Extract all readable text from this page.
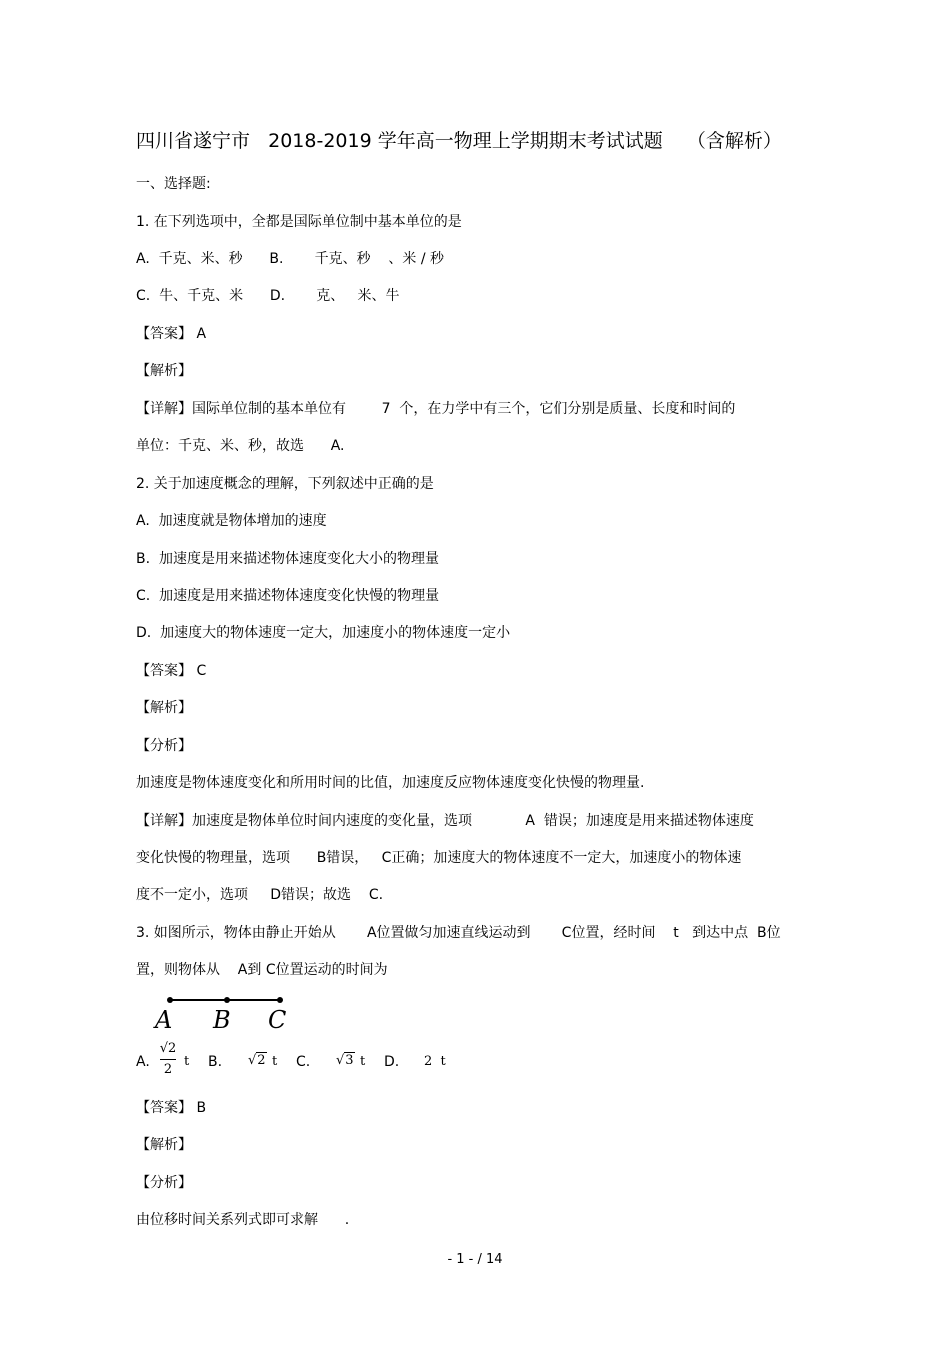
四川省遂宁市   2018-2019 学年高一物理上学期期末考试试题    （含解析）
一、选择题:
1. 在下列选项中，全都是国际单位制中基本单位的是
A.  千克、米、秒      B.       千克、秒    、米 / 秒
C.  牛、千克、米      D.       克、   米、牛
【答案】 A
【解析】
【详解】国际单位制的基本单位有        7  个，在力学中有三个，它们分别是质量、长度和时间的
单位：千克、米、秒，故选      A.
2. 关于加速度概念的理解，下列叙述中正确的是
A.  加速度就是物体增加的速度
B.  加速度是用来描述物体速度变化大小的物理量
C.  加速度是用来描述物体速度变化快慢的物理量
D.  加速度大的物体速度一定大，加速度小的物体速度一定小
【答案】 C
【解析】
【分析】
加速度是物体速度变化和所用时间的比值，加速度反应物体速度变化快慢的物理量.
【详解】加速度是物体单位时间内速度的变化量，选项            A  错误；加速度是用来描述物体速度
变化快慢的物理量，选项      B错误，   C正确；加速度大的物体速度不一定大，加速度小的物体速
度不一定小，选项     D错误；故选    C.
3. 如图所示，物体由静止开始从       A位置做匀加速直线运动到       C位置，经时间    t   到达中点  B位
置，则物体从    A到 C位置运动的时间为
A B C
A.
√2
2
t B. √2 t C. √3 t D. 2  t
【答案】 B
【解析】
【分析】
由位移时间关系列式即可求解      .
- 1 - / 14
